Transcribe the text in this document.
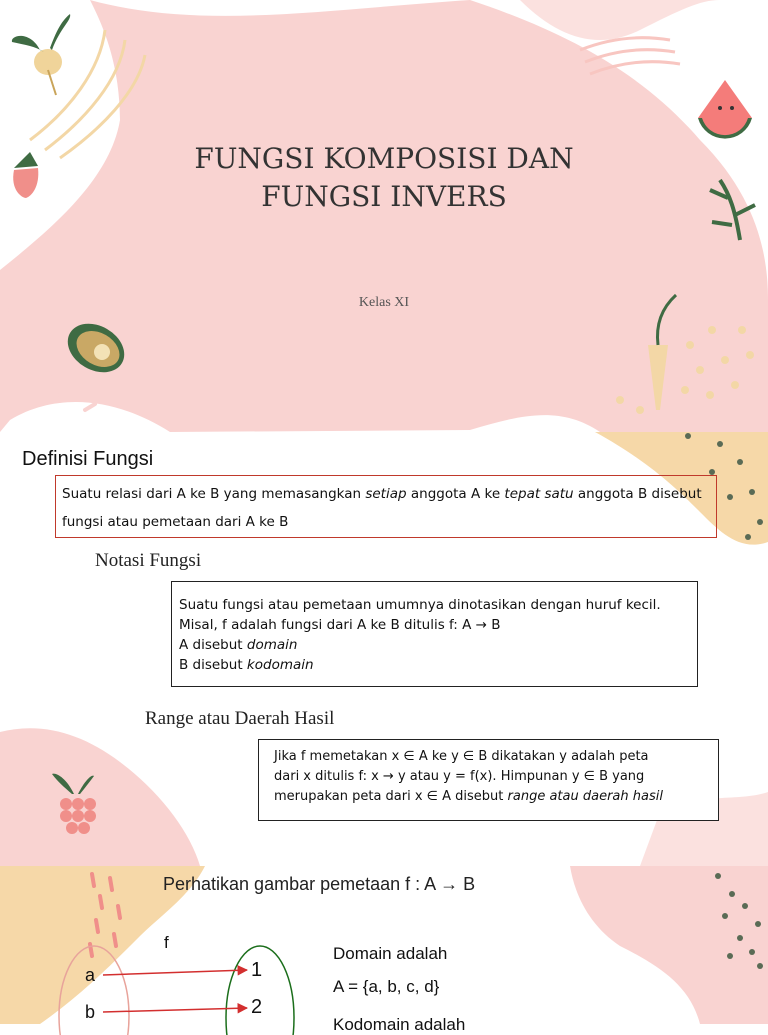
FUNGSI KOMPOSISI DAN
FUNGSI INVERS
Kelas XI
Definisi Fungsi
Suatu relasi dari A ke B yang memasangkan setiap anggota A ke tepat satu anggota B disebut fungsi atau pemetaan dari A ke B
Notasi Fungsi

Suatu fungsi atau pemetaan umumnya dinotasikan dengan huruf kecil.

Misal, f adalah fungsi dari A ke B ditulis f: A → B

A disebut domain

B disebut kodomain

Range atau Daerah Hasil

Jika f memetakan x ∈ A ke y ∈ B dikatakan y adalah peta

dari x ditulis f: x → y atau y = f(x). Himpunan y ∈ B yang

merupakan peta dari x ∈ A disebut range atau daerah hasil

Perhatikan gambar pemetaan f : A → B
f
a
b
1
2
Domain adalah
A = {a, b, c, d}
Kodomain adalah
